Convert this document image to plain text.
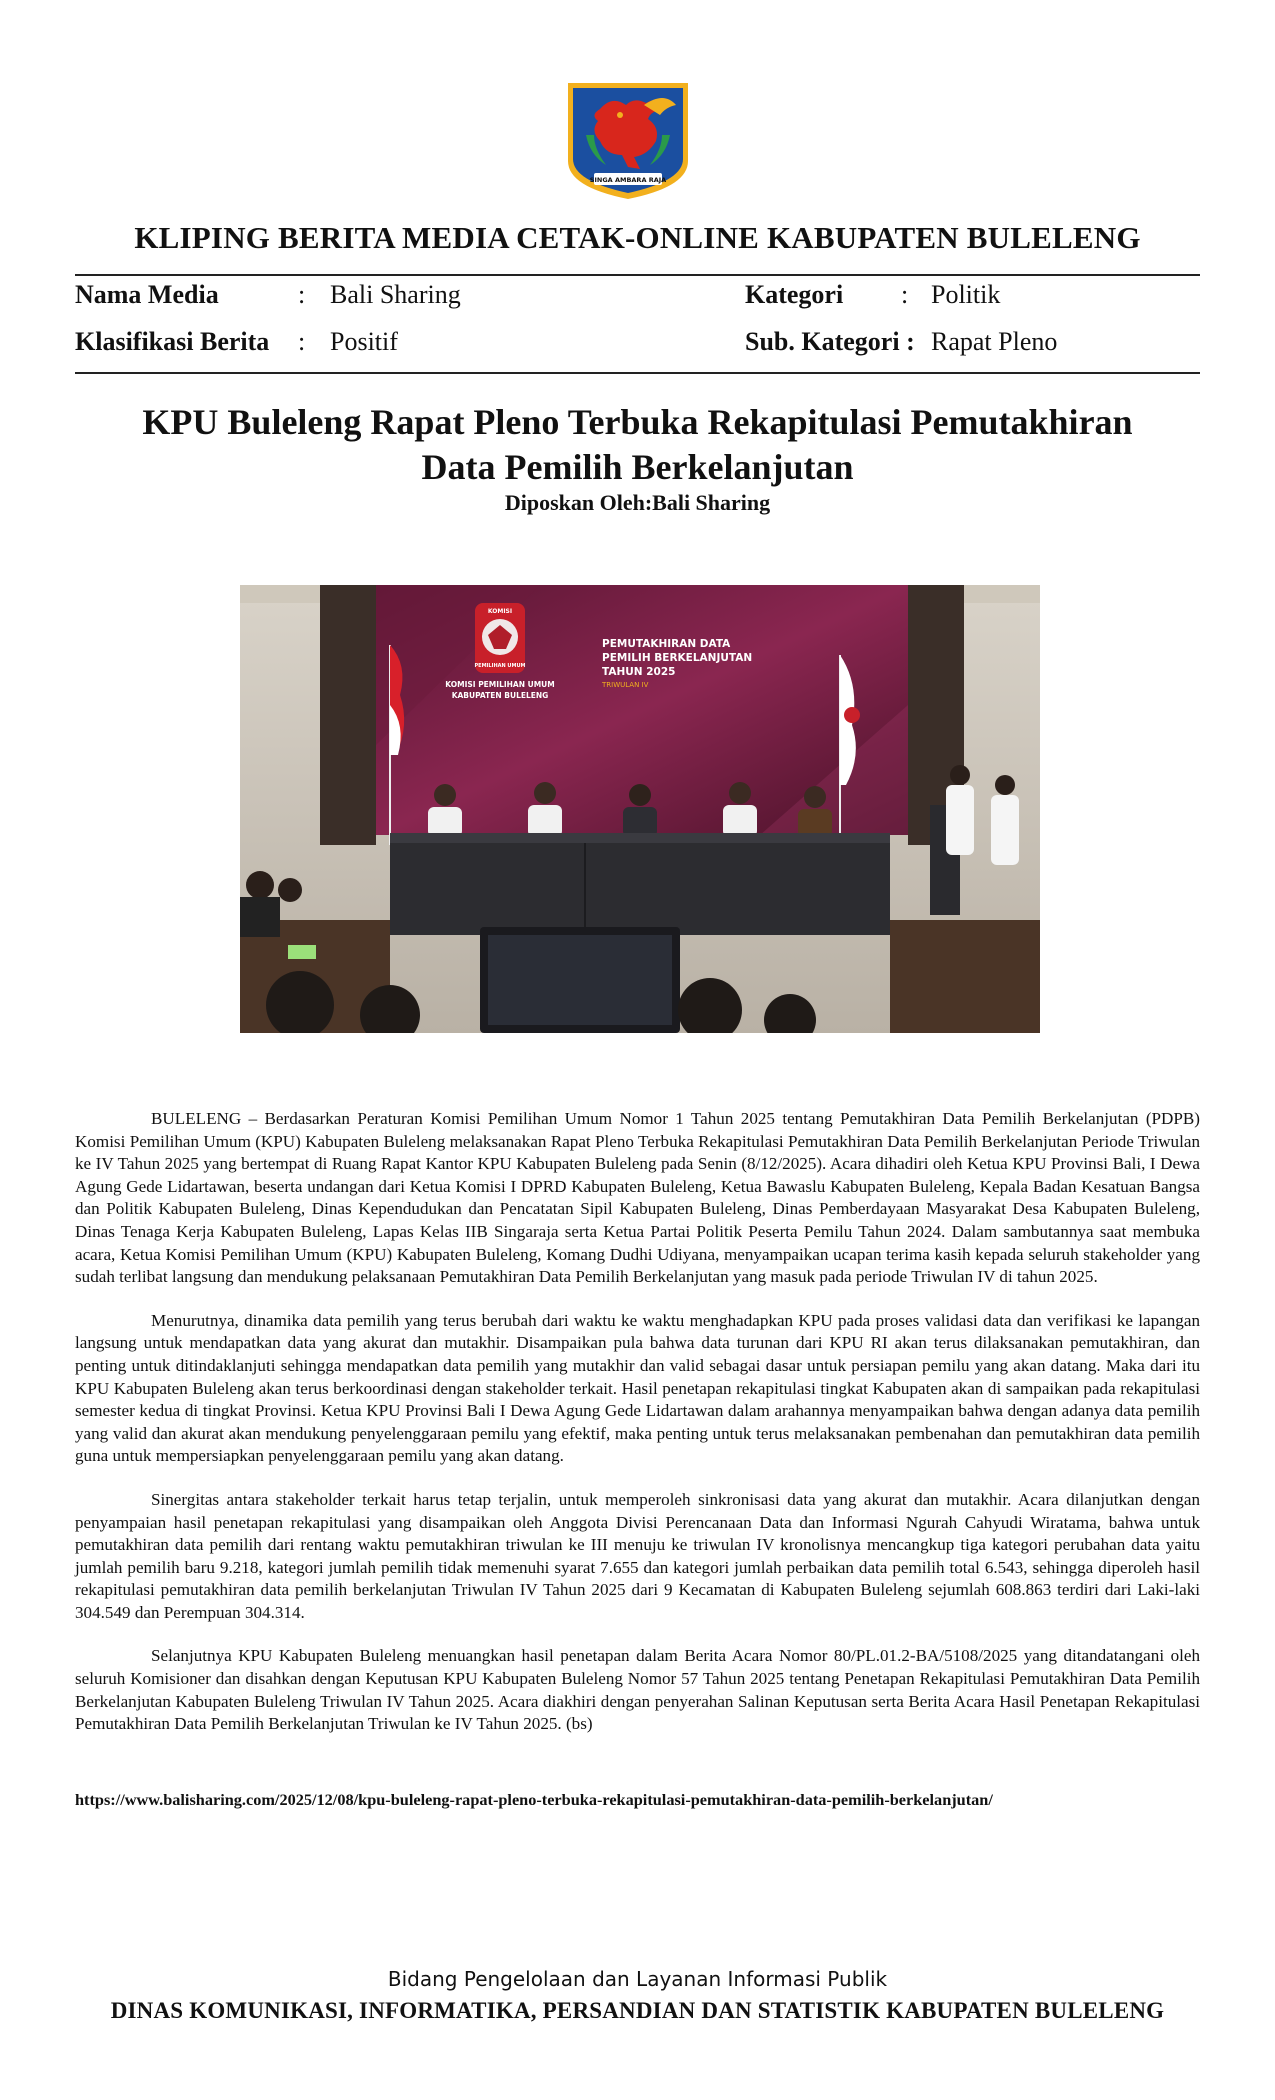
SINGA AMBARA RAJA
KLIPING BERITA MEDIA CETAK-ONLINE KABUPATEN BULELENG
Nama Media	: Bali Sharing	Kategori : Politik
Klasifikasi Berita : Positif	Sub. Kategori : Rapat Pleno
KPU Buleleng Rapat Pleno Terbuka Rekapitulasi Pemutakhiran
Data Pemilih Berkelanjutan
Diposkan Oleh:Bali Sharing
KOMISI
PEMILIHAN UMUM
KOMISI PEMILIHAN UMUM
KABUPATEN BULELENG
PEMUTAKHIRAN DATA
PEMILIH BERKELANJUTAN
TAHUN 2025
TRIWULAN IV

BULELENG – Berdasarkan Peraturan Komisi Pemilihan Umum Nomor 1 Tahun 2025 tentang Pemutakhiran Data Pemilih Berkelanjutan (PDPB) Komisi Pemilihan Umum (KPU) Kabupaten Buleleng melaksanakan Rapat Pleno Terbuka Rekapitulasi Pemutakhiran Data Pemilih Berkelanjutan Periode Triwulan ke IV Tahun 2025 yang bertempat di Ruang Rapat Kantor KPU Kabupaten Buleleng pada Senin (8/12/2025). Acara dihadiri oleh Ketua KPU Provinsi Bali, I Dewa Agung Gede Lidartawan, beserta undangan dari Ketua Komisi I DPRD Kabupaten Buleleng, Ketua Bawaslu Kabupaten Buleleng, Kepala Badan Kesatuan Bangsa dan Politik Kabupaten Buleleng, Dinas Kependudukan dan Pencatatan Sipil Kabupaten Buleleng, Dinas Pemberdayaan Masyarakat Desa Kabupaten Buleleng, Dinas Tenaga Kerja Kabupaten Buleleng, Lapas Kelas IIB Singaraja serta Ketua Partai Politik Peserta Pemilu Tahun 2024. Dalam sambutannya saat membuka acara, Ketua Komisi Pemilihan Umum (KPU) Kabupaten Buleleng, Komang Dudhi Udiyana, menyampaikan ucapan terima kasih kepada seluruh stakeholder yang sudah terlibat langsung dan mendukung pelaksanaan Pemutakhiran Data Pemilih Berkelanjutan yang masuk pada periode Triwulan IV di tahun 2025.

Menurutnya, dinamika data pemilih yang terus berubah dari waktu ke waktu menghadapkan KPU pada proses validasi data dan verifikasi ke lapangan langsung untuk mendapatkan data yang akurat dan mutakhir. Disampaikan pula bahwa data turunan dari KPU RI akan terus dilaksanakan pemutakhiran, dan penting untuk ditindaklanjuti sehingga mendapatkan data pemilih yang mutakhir dan valid sebagai dasar untuk persiapan pemilu yang akan datang. Maka dari itu KPU Kabupaten Buleleng akan terus berkoordinasi dengan stakeholder terkait. Hasil penetapan rekapitulasi tingkat Kabupaten akan di sampaikan pada rekapitulasi semester kedua di tingkat Provinsi. Ketua KPU Provinsi Bali I Dewa Agung Gede Lidartawan dalam arahannya menyampaikan bahwa dengan adanya data pemilih yang valid dan akurat akan mendukung penyelenggaraan pemilu yang efektif, maka penting untuk terus melaksanakan pembenahan dan pemutakhiran data pemilih guna untuk mempersiapkan penyelenggaraan pemilu yang akan datang.

Sinergitas antara stakeholder terkait harus tetap terjalin, untuk memperoleh sinkronisasi data yang akurat dan mutakhir. Acara dilanjutkan dengan penyampaian hasil penetapan rekapitulasi yang disampaikan oleh Anggota Divisi Perencanaan Data dan Informasi Ngurah Cahyudi Wiratama, bahwa untuk pemutakhiran data pemilih dari rentang waktu pemutakhiran triwulan ke III menuju ke triwulan IV kronolisnya mencangkup tiga kategori perubahan data yaitu jumlah pemilih baru 9.218, kategori jumlah pemilih tidak memenuhi syarat 7.655 dan kategori jumlah perbaikan data pemilih total 6.543, sehingga diperoleh hasil rekapitulasi pemutakhiran data pemilih berkelanjutan Triwulan IV Tahun 2025 dari 9 Kecamatan di Kabupaten Buleleng sejumlah 608.863 terdiri dari Laki-laki 304.549 dan Perempuan 304.314.

Selanjutnya KPU Kabupaten Buleleng menuangkan hasil penetapan dalam Berita Acara Nomor 80/PL.01.2-BA/5108/2025 yang ditandatangani oleh seluruh Komisioner dan disahkan dengan Keputusan KPU Kabupaten Buleleng Nomor 57 Tahun 2025 tentang Penetapan Rekapitulasi Pemutakhiran Data Pemilih Berkelanjutan Kabupaten Buleleng Triwulan IV Tahun 2025. Acara diakhiri dengan penyerahan Salinan Keputusan serta Berita Acara Hasil Penetapan Rekapitulasi Pemutakhiran Data Pemilih Berkelanjutan Triwulan ke IV Tahun 2025. (bs)

https://www.balisharing.com/2025/12/08/kpu-buleleng-rapat-pleno-terbuka-rekapitulasi-pemutakhiran-data-pemilih-berkelanjutan/
Bidang Pengelolaan dan Layanan Informasi Publik
DINAS KOMUNIKASI, INFORMATIKA, PERSANDIAN DAN STATISTIK KABUPATEN BULELENG
